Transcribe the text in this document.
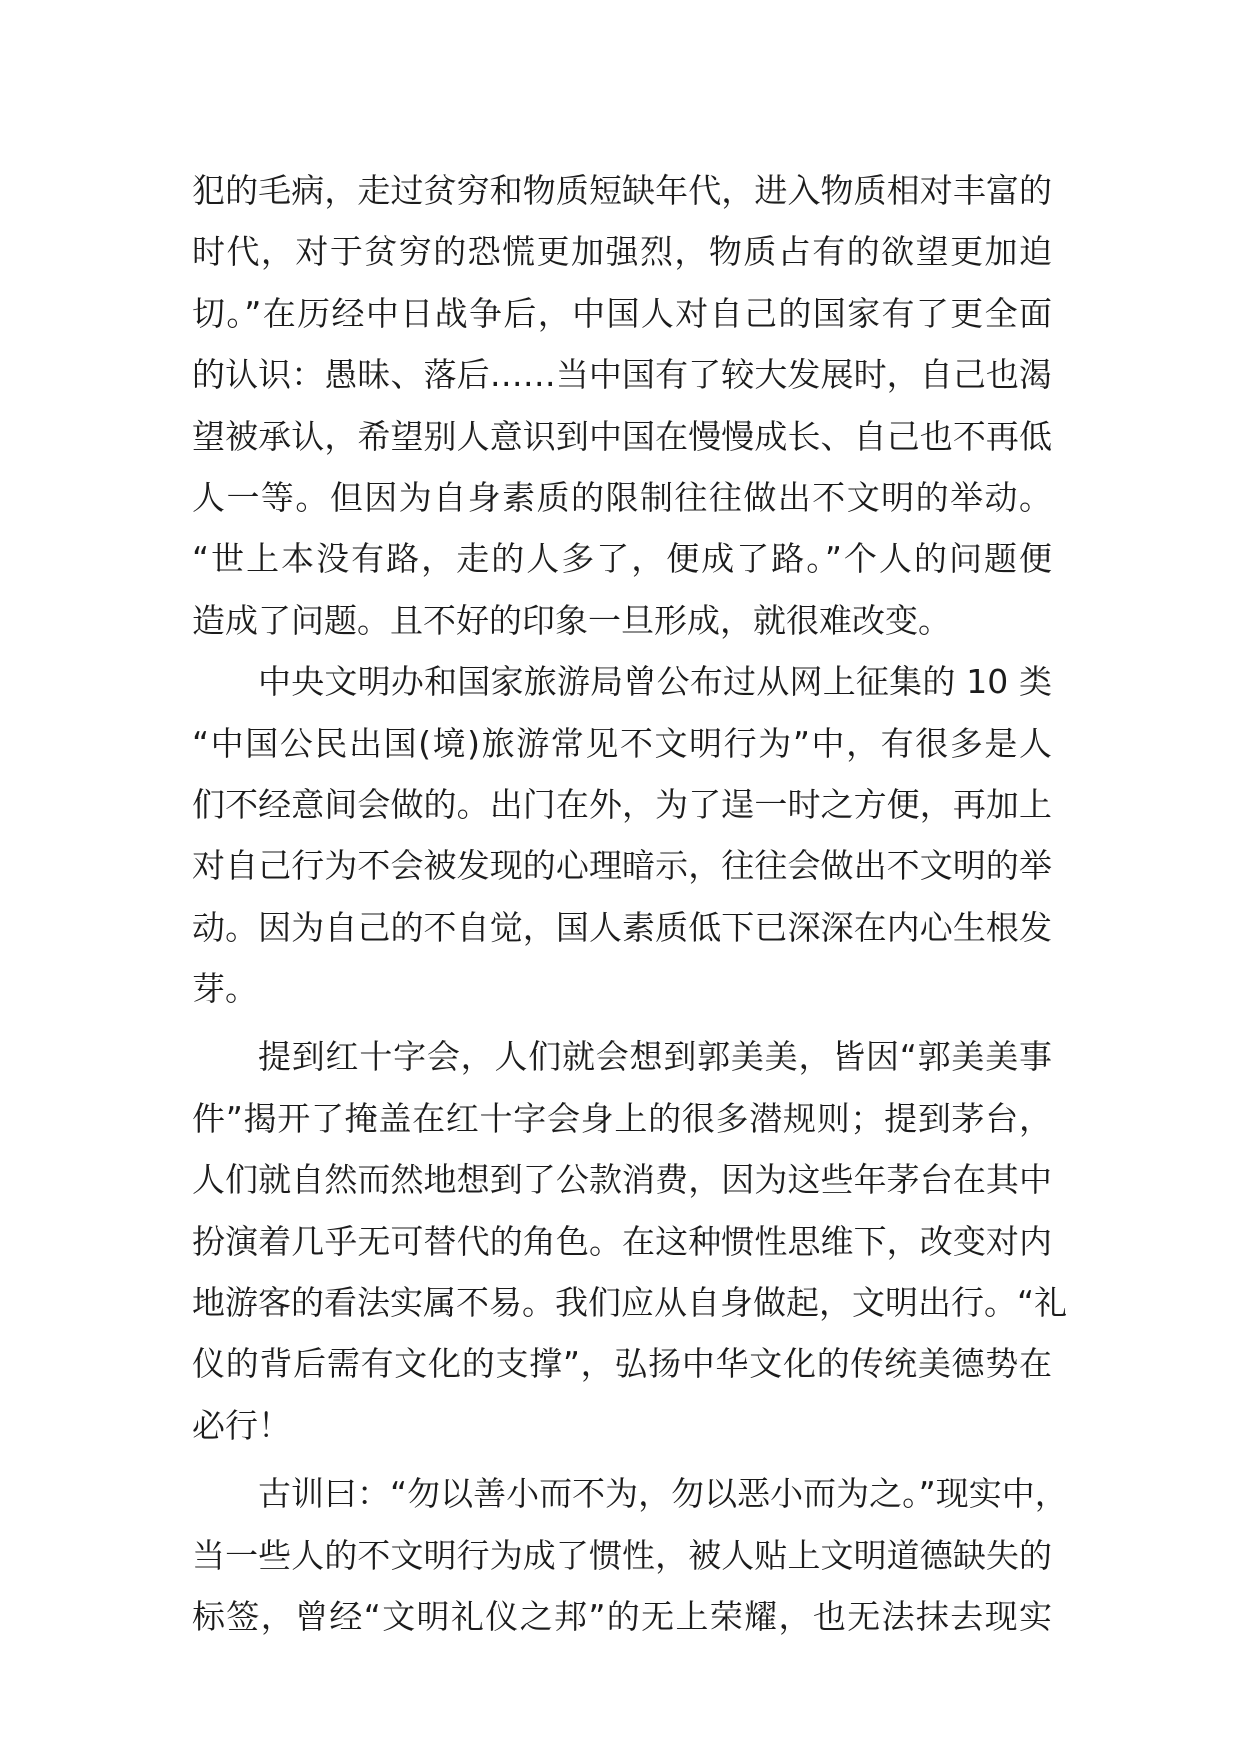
犯的毛病，走过贫穷和物质短缺年代，进入物质相对丰富的
时代，对于贫穷的恐慌更加强烈，物质占有的欲望更加迫
切。”在历经中日战争后，中国人对自己的国家有了更全面
的认识：愚昧、落后……当中国有了较大发展时，自己也渴
望被承认，希望别人意识到中国在慢慢成长、自己也不再低
人一等。但因为自身素质的限制往往做出不文明的举动。
“世上本没有路，走的人多了，便成了路。”个人的问题便
造成了问题。且不好的印象一旦形成，就很难改变。
中央文明办和国家旅游局曾公布过从网上征集的 10 类
“中国公民出国(境)旅游常见不文明行为”中，有很多是人
们不经意间会做的。出门在外，为了逞一时之方便，再加上
对自己行为不会被发现的心理暗示，往往会做出不文明的举
动。因为自己的不自觉，国人素质低下已深深在内心生根发
芽。
提到红十字会，人们就会想到郭美美，皆因“郭美美事
件”揭开了掩盖在红十字会身上的很多潜规则；提到茅台，
人们就自然而然地想到了公款消费，因为这些年茅台在其中
扮演着几乎无可替代的角色。在这种惯性思维下，改变对内
地游客的看法实属不易。我们应从自身做起，文明出行。“礼
仪的背后需有文化的支撑”，弘扬中华文化的传统美德势在
必行！
古训曰：“勿以善小而不为，勿以恶小而为之。”现实中，
当一些人的不文明行为成了惯性，被人贴上文明道德缺失的
标签，曾经“文明礼仪之邦”的无上荣耀，也无法抹去现实
